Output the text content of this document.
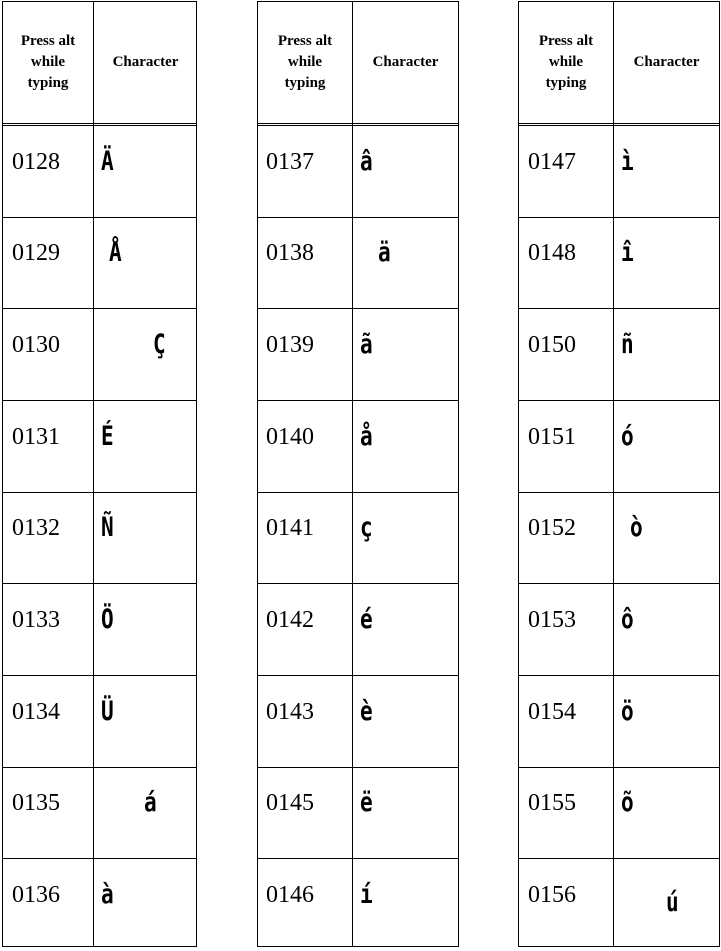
Press alt while typing
Character
0128 Ä
0129 Å
0130	Ç
0131 É
0132 Ñ
0133 Ö
0134 Ü
0135	á
0136 à
Press alt while typing
Character
0137 â
0138 ä
0139 ã
0140 å
0141 ç
0142 é
0143 è
0145 ë
0146 í
Press alt while typing
Character
0147 ì
0148 î
0150 ñ
0151 ó
0152 ò
0153 ô
0154 ö
0155 õ
0156	ú
